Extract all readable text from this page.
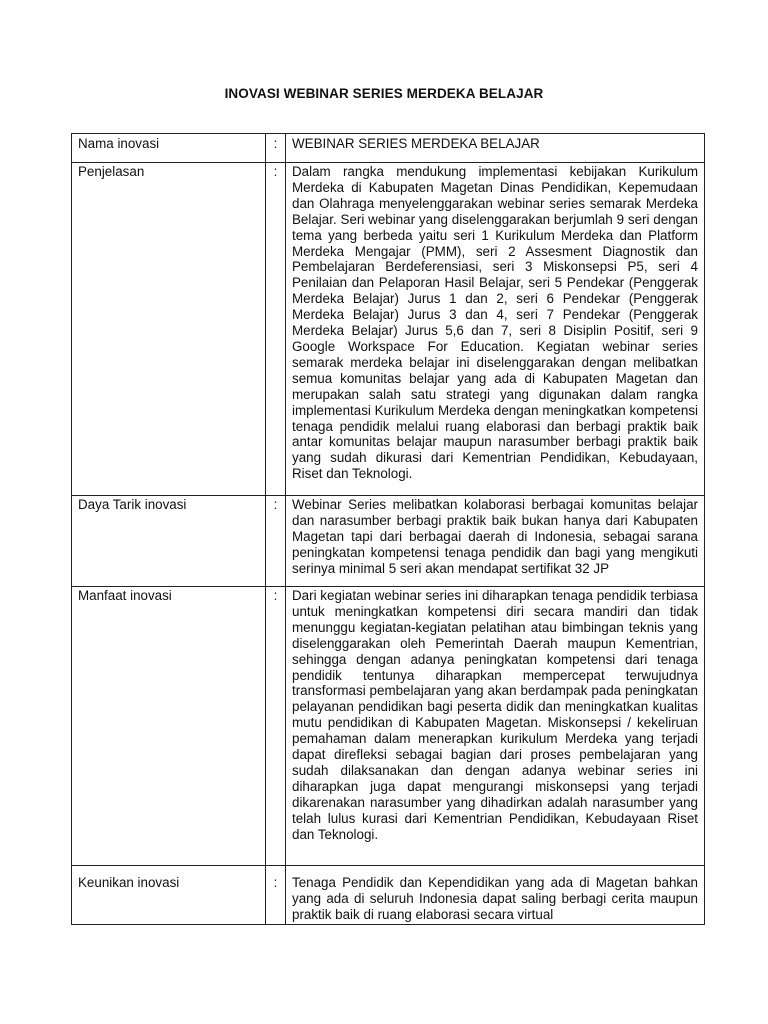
INOVASI WEBINAR SERIES MERDEKA BELAJAR
Nama inovasi	:	WEBINAR SERIES MERDEKA BELAJAR
Penjelasan	:	Dalam rangka mendukung implementasi kebijakan Kurikulum Merdeka di Kabupaten Magetan Dinas Pendidikan, Kepemudaan dan Olahraga menyelenggarakan webinar series semarak Merdeka Belajar. Seri webinar yang diselenggarakan berjumlah 9 seri dengan tema yang berbeda yaitu seri 1 Kurikulum Merdeka dan Platform Merdeka Mengajar (PMM), seri 2 Assesment Diagnostik dan Pembelajaran Berdeferensiasi, seri 3 Miskonsepsi P5, seri 4 Penilaian dan Pelaporan Hasil Belajar, seri 5 Pendekar (Penggerak Merdeka Belajar) Jurus 1 dan 2, seri 6 Pendekar (Penggerak Merdeka Belajar) Jurus 3 dan 4, seri 7 Pendekar (Penggerak Merdeka Belajar) Jurus 5,6 dan 7, seri 8 Disiplin Positif, seri 9 Google Workspace For Education. Kegiatan webinar series semarak merdeka belajar ini diselenggarakan dengan melibatkan semua komunitas belajar yang ada di Kabupaten Magetan dan merupakan salah satu strategi yang digunakan dalam rangka implementasi Kurikulum Merdeka dengan meningkatkan kompetensi tenaga pendidik melalui ruang elaborasi dan berbagi praktik baik antar komunitas belajar maupun narasumber berbagi praktik baik yang sudah dikurasi dari Kementrian Pendidikan, Kebudayaan, Riset dan Teknologi.
Daya Tarik inovasi	:	Webinar Series melibatkan kolaborasi berbagai komunitas belajar dan narasumber berbagi praktik baik bukan hanya dari Kabupaten Magetan tapi dari berbagai daerah di Indonesia, sebagai sarana peningkatan kompetensi tenaga pendidik dan bagi yang mengikuti serinya minimal 5 seri akan mendapat sertifikat 32 JP
Manfaat inovasi	:	Dari kegiatan webinar series ini diharapkan tenaga pendidik terbiasa untuk meningkatkan kompetensi diri secara mandiri dan tidak menunggu kegiatan-kegiatan pelatihan atau bimbingan teknis yang diselenggarakan oleh Pemerintah Daerah maupun Kementrian, sehingga dengan adanya peningkatan kompetensi dari tenaga pendidik tentunya diharapkan mempercepat terwujudnya transformasi pembelajaran yang akan berdampak pada peningkatan pelayanan pendidikan bagi peserta didik dan meningkatkan kualitas mutu pendidikan di Kabupaten Magetan. Miskonsepsi / kekeliruan pemahaman dalam menerapkan kurikulum Merdeka yang terjadi dapat direfleksi sebagai bagian dari proses pembelajaran yang sudah dilaksanakan dan dengan adanya webinar series ini diharapkan juga dapat mengurangi miskonsepsi yang terjadi dikarenakan narasumber yang dihadirkan adalah narasumber yang telah lulus kurasi dari Kementrian Pendidikan, Kebudayaan Riset dan Teknologi.
Keunikan inovasi	:	Tenaga Pendidik dan Kependidikan yang ada di Magetan bahkan yang ada di seluruh Indonesia dapat saling berbagi cerita maupun praktik baik di ruang elaborasi secara virtual
